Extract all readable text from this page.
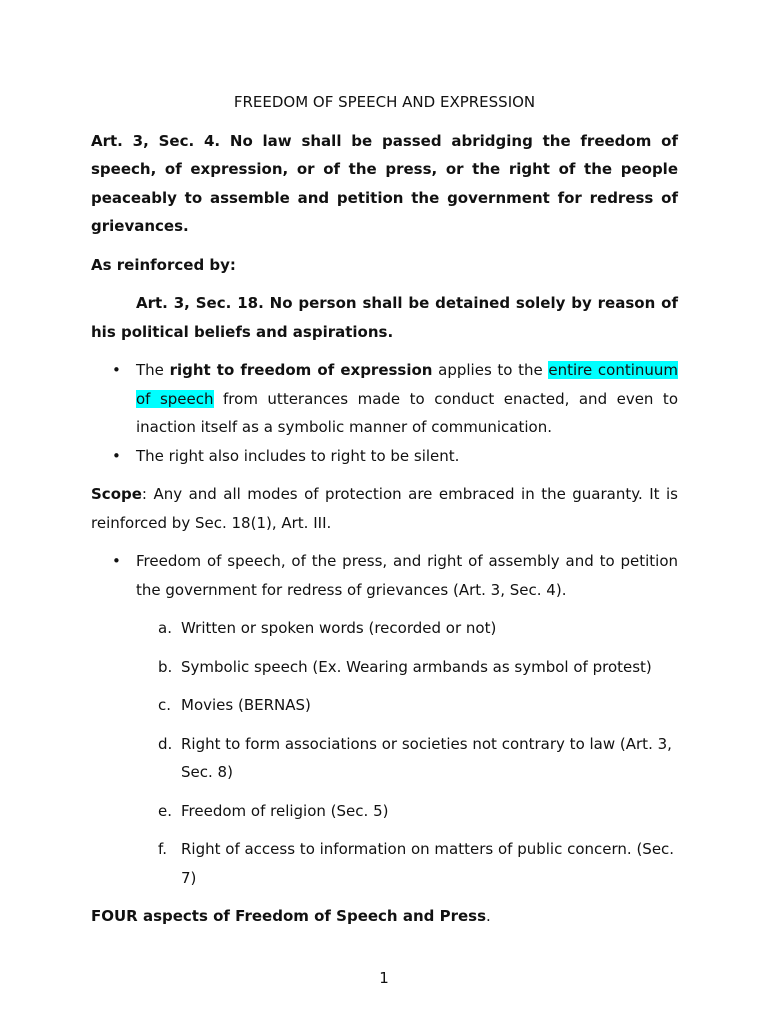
FREEDOM OF SPEECH AND EXPRESSION

Art. 3, Sec. 4. No law shall be passed abridging the freedom of speech, of expression, or of the press, or the right of the people peaceably to assemble and petition the government for redress of grievances.

As reinforced by:

Art. 3, Sec. 18. No person shall be detained solely by reason of his political beliefs and aspirations.

• The right to freedom of expression applies to the entire continuum of speech from utterances made to conduct enacted, and even to inaction itself as a symbolic manner of communication.
• The right also includes to right to be silent.

Scope: Any and all modes of protection are embraced in the guaranty. It is reinforced by Sec. 18(1), Art. III.

• Freedom of speech, of the press, and right of assembly and to petition the government for redress of grievances (Art. 3, Sec. 4).
a. Written or spoken words (recorded or not)
b. Symbolic speech (Ex. Wearing armbands as symbol of protest)
c. Movies (BERNAS)
d. Right to form associations or societies not contrary to law (Art. 3, Sec. 8)
e. Freedom of religion (Sec. 5)
f. Right of access to information on matters of public concern. (Sec. 7)

FOUR aspects of Freedom of Speech and Press.

1
